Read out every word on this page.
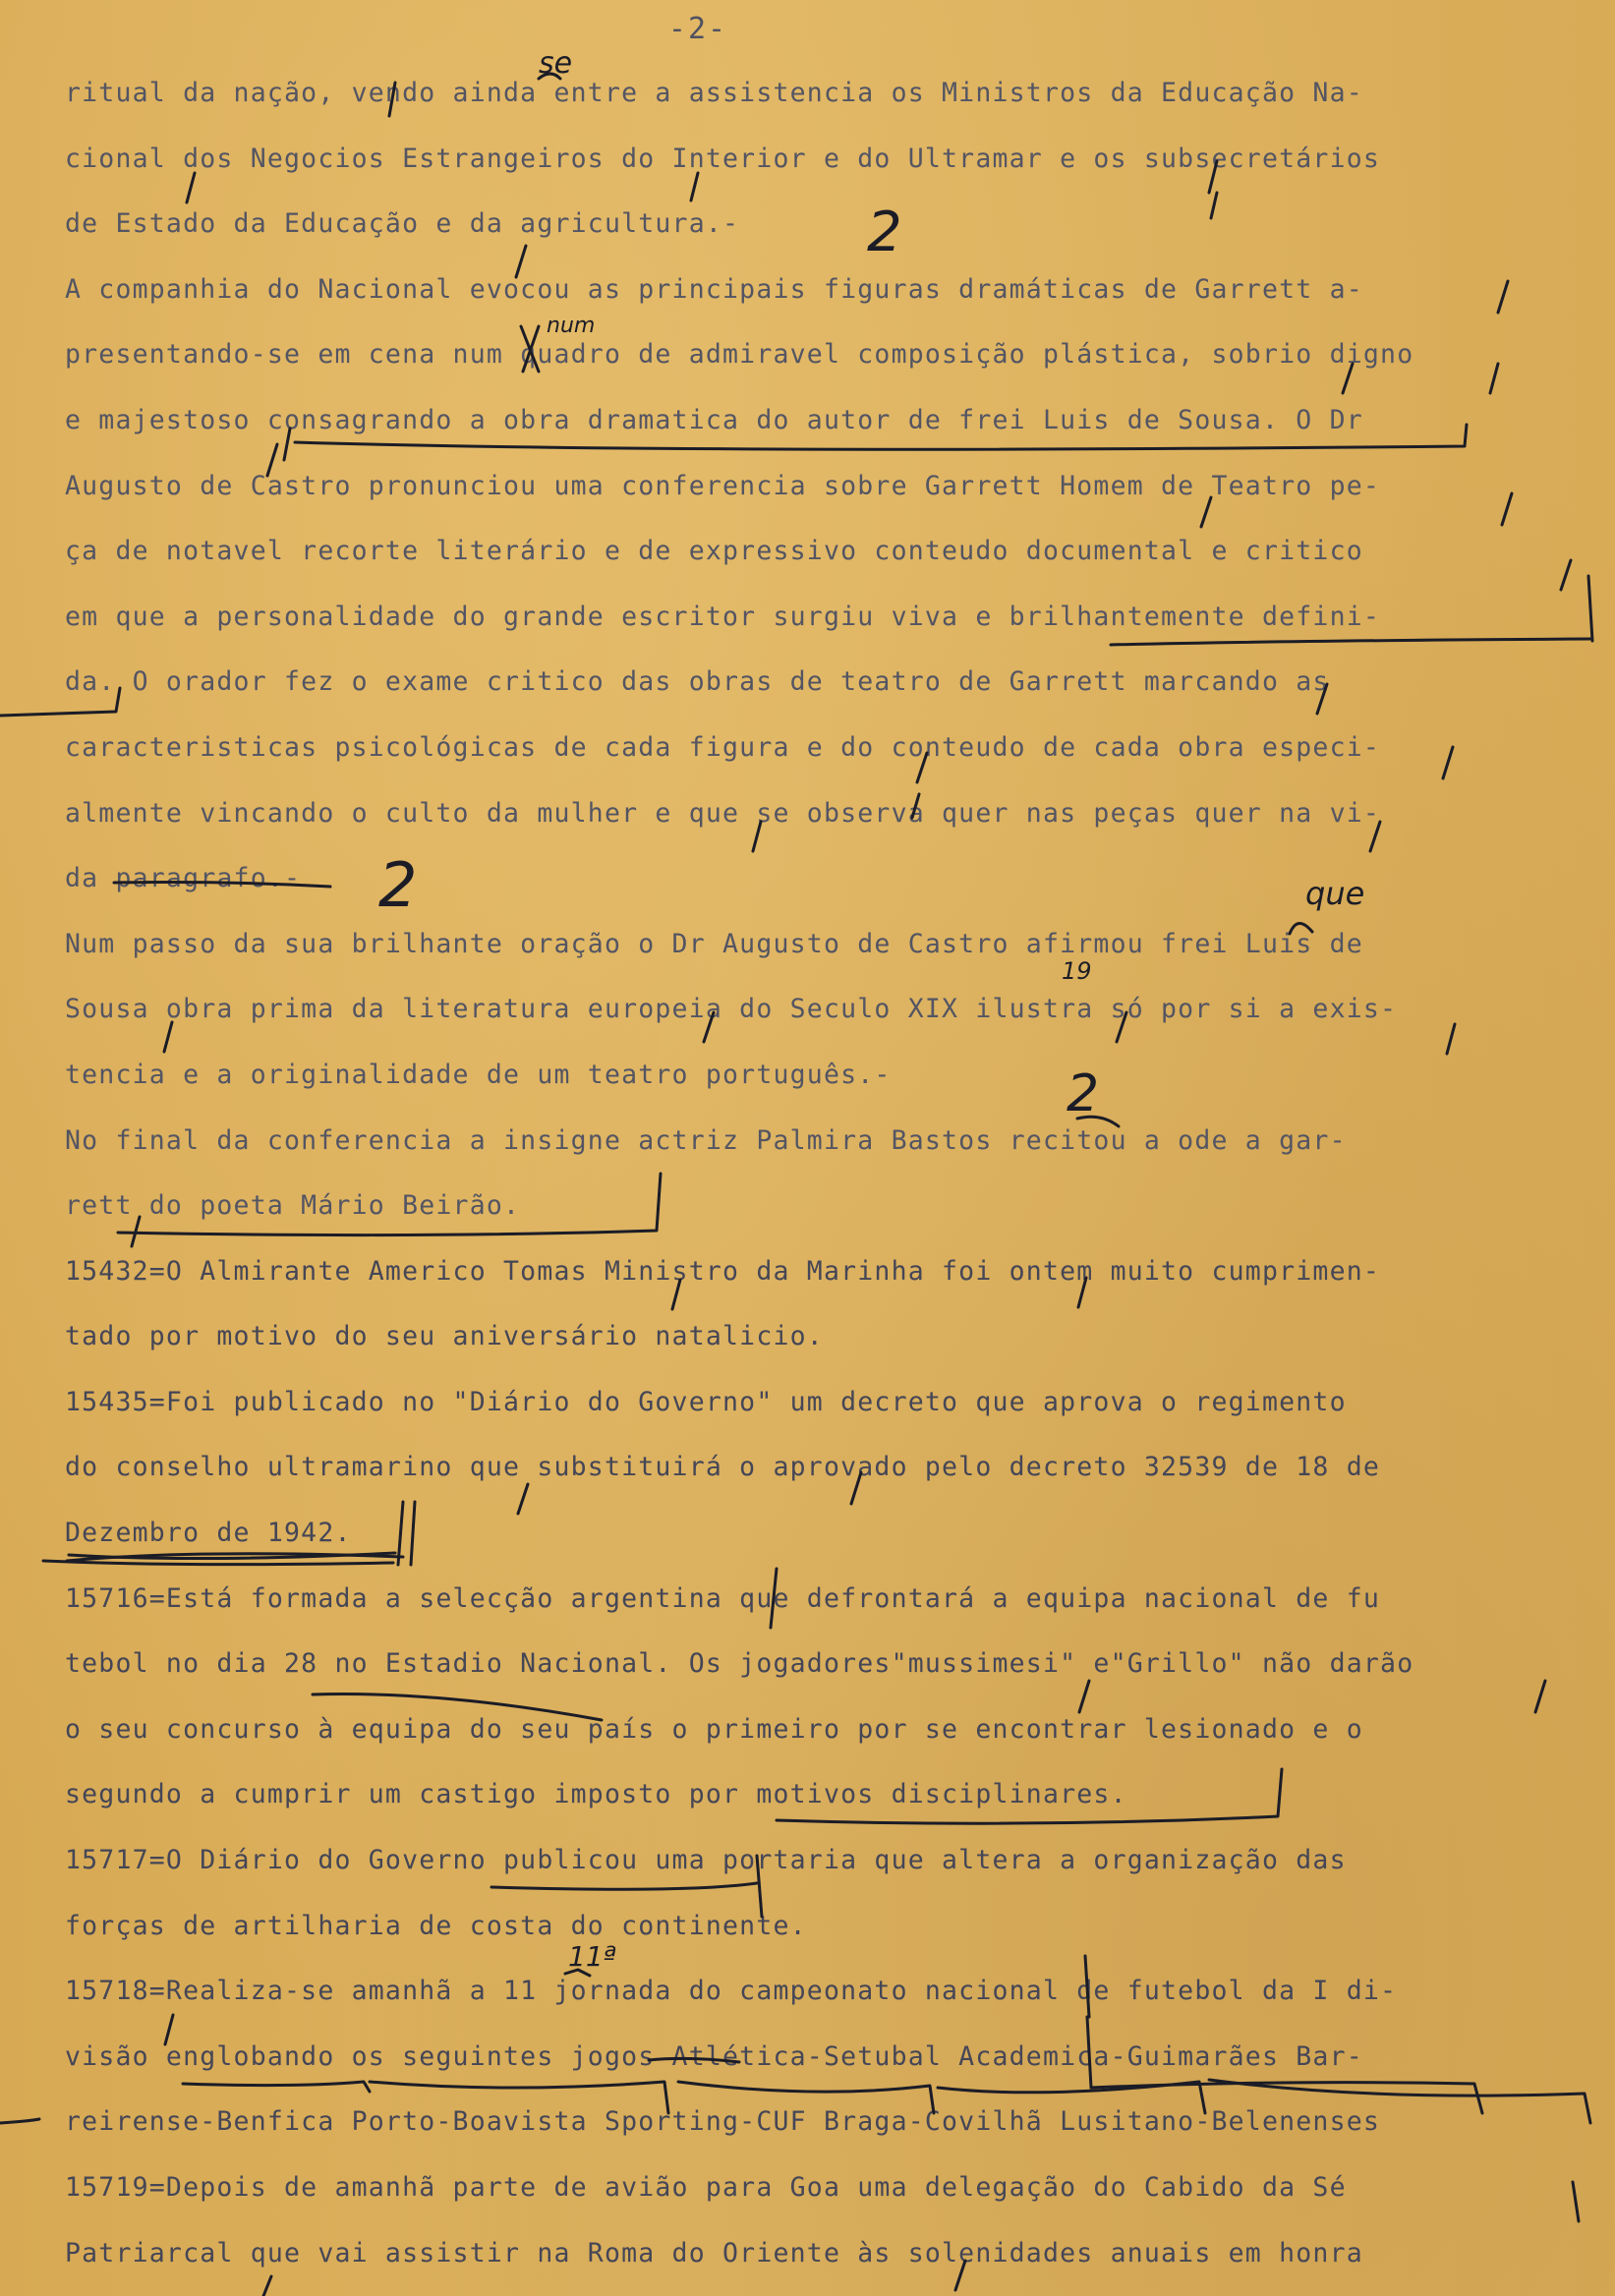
-2-
ritual da nação, vendo ainda entre a assistencia os Ministros da Educação Na-
cional dos Negocios Estrangeiros do Interior e do Ultramar e os subsecretários
de Estado da Educação e da agricultura.-
A companhia do Nacional evocou as principais figuras dramáticas de Garrett a-
presentando-se em cena num quadro de admiravel composição plástica, sobrio digno
e majestoso consagrando a obra dramatica do autor de frei Luis de Sousa. O Dr
Augusto de Castro pronunciou uma conferencia sobre Garrett Homem de Teatro pe-
ça de notavel recorte literário e de expressivo conteudo documental e critico
em que a personalidade do grande escritor surgiu viva e brilhantemente defini-
da. O orador fez o exame critico das obras de teatro de Garrett marcando as
caracteristicas psicológicas de cada figura e do conteudo de cada obra especi-
almente vincando o culto da mulher e que se observa quer nas peças quer na vi-
da paragrafo.-
Num passo da sua brilhante oração o Dr Augusto de Castro afirmou frei Luis de
Sousa obra prima da literatura europeia do Seculo XIX ilustra só por si a exis-
tencia e a originalidade de um teatro português.-
No final da conferencia a insigne actriz Palmira Bastos recitou a ode a gar-
rett do poeta Mário Beirão.
15432=O Almirante Americo Tomas Ministro da Marinha foi ontem muito cumprimen-
tado por motivo do seu aniversário natalicio.
15435=Foi publicado no "Diário do Governo" um decreto que aprova o regimento
do conselho ultramarino que substituirá o aprovado pelo decreto 32539 de 18 de
Dezembro de 1942.
15716=Está formada a selecção argentina que defrontará a equipa nacional de fu
tebol no dia 28 no Estadio Nacional. Os jogadores"mussimesi" e"Grillo" não darão
o seu concurso à equipa do seu país o primeiro por se encontrar lesionado e o
segundo a cumprir um castigo imposto por motivos disciplinares.
15717=O Diário do Governo publicou uma portaria que altera a organização das
forças de artilharia de costa do continente.
15718=Realiza-se amanhã a 11 jornada do campeonato nacional de futebol da I di-
visão englobando os seguintes jogos Atlética-Setubal Academica-Guimarães Bar-
reirense-Benfica Porto-Boavista Sporting-CUF Braga-Covilhã Lusitano-Belenenses
15719=Depois de amanhã parte de avião para Goa uma delegação do Cabido da Sé
Patriarcal que vai assistir na Roma do Oriente às solenidades anuais em honra
se
num
que
19
11ª
2
2
2
